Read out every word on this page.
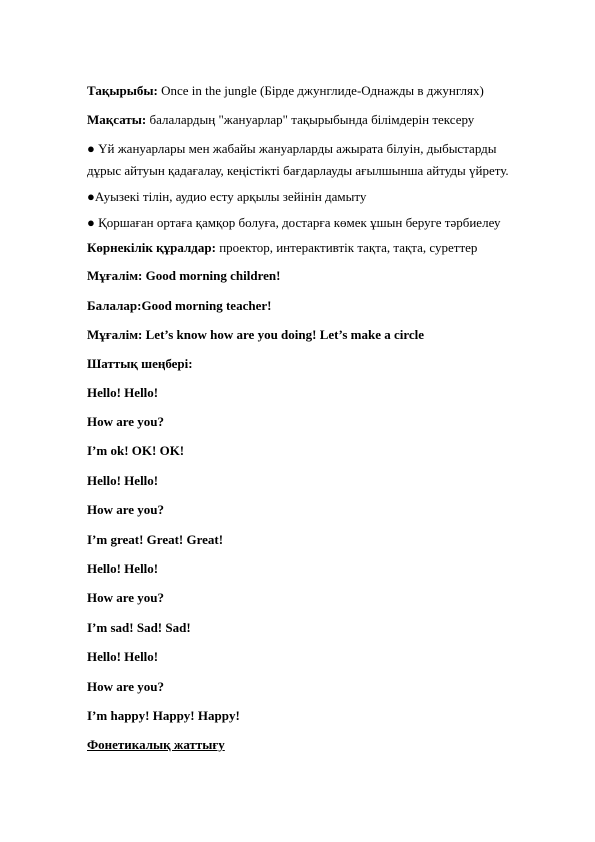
Тақырыбы: Once in the jungle (Бірде джунглиде-Однажды в джунглях)
Мақсаты: балалардың "жануарлар" тақырыбында білімдерін тексеру
● Үй жануарлары мен жабайы жануарларды ажырата білуін, дыбыстарды
дұрыс айтуын қадағалау, кеңістікті бағдарлауды ағылшынша айтуды үйрету.
●Ауызекі тілін, аудио есту арқылы зейінін дамыту
● Қоршаған ортаға қамқор болуға, достарға көмек ұшын беруге тәрбиелеу
Көрнекілік құралдар: проектор, интерактивтік тақта, тақта, суреттер
Мұғалім: Good morning children!
Балалар:Good morning teacher!
Мұғалім: Let’s know how are you doing! Let’s make a circle
Шаттық шеңбері:
Hello! Hello!
How are you?
I’m ok! OK! OK!
Hello! Hello!
How are you?
I’m great! Great! Great!
Hello! Hello!
How are you?
I’m sad! Sad! Sad!
Hello! Hello!
How are you?
I’m happy! Happy! Happy!
Фонетикалық жаттығу
